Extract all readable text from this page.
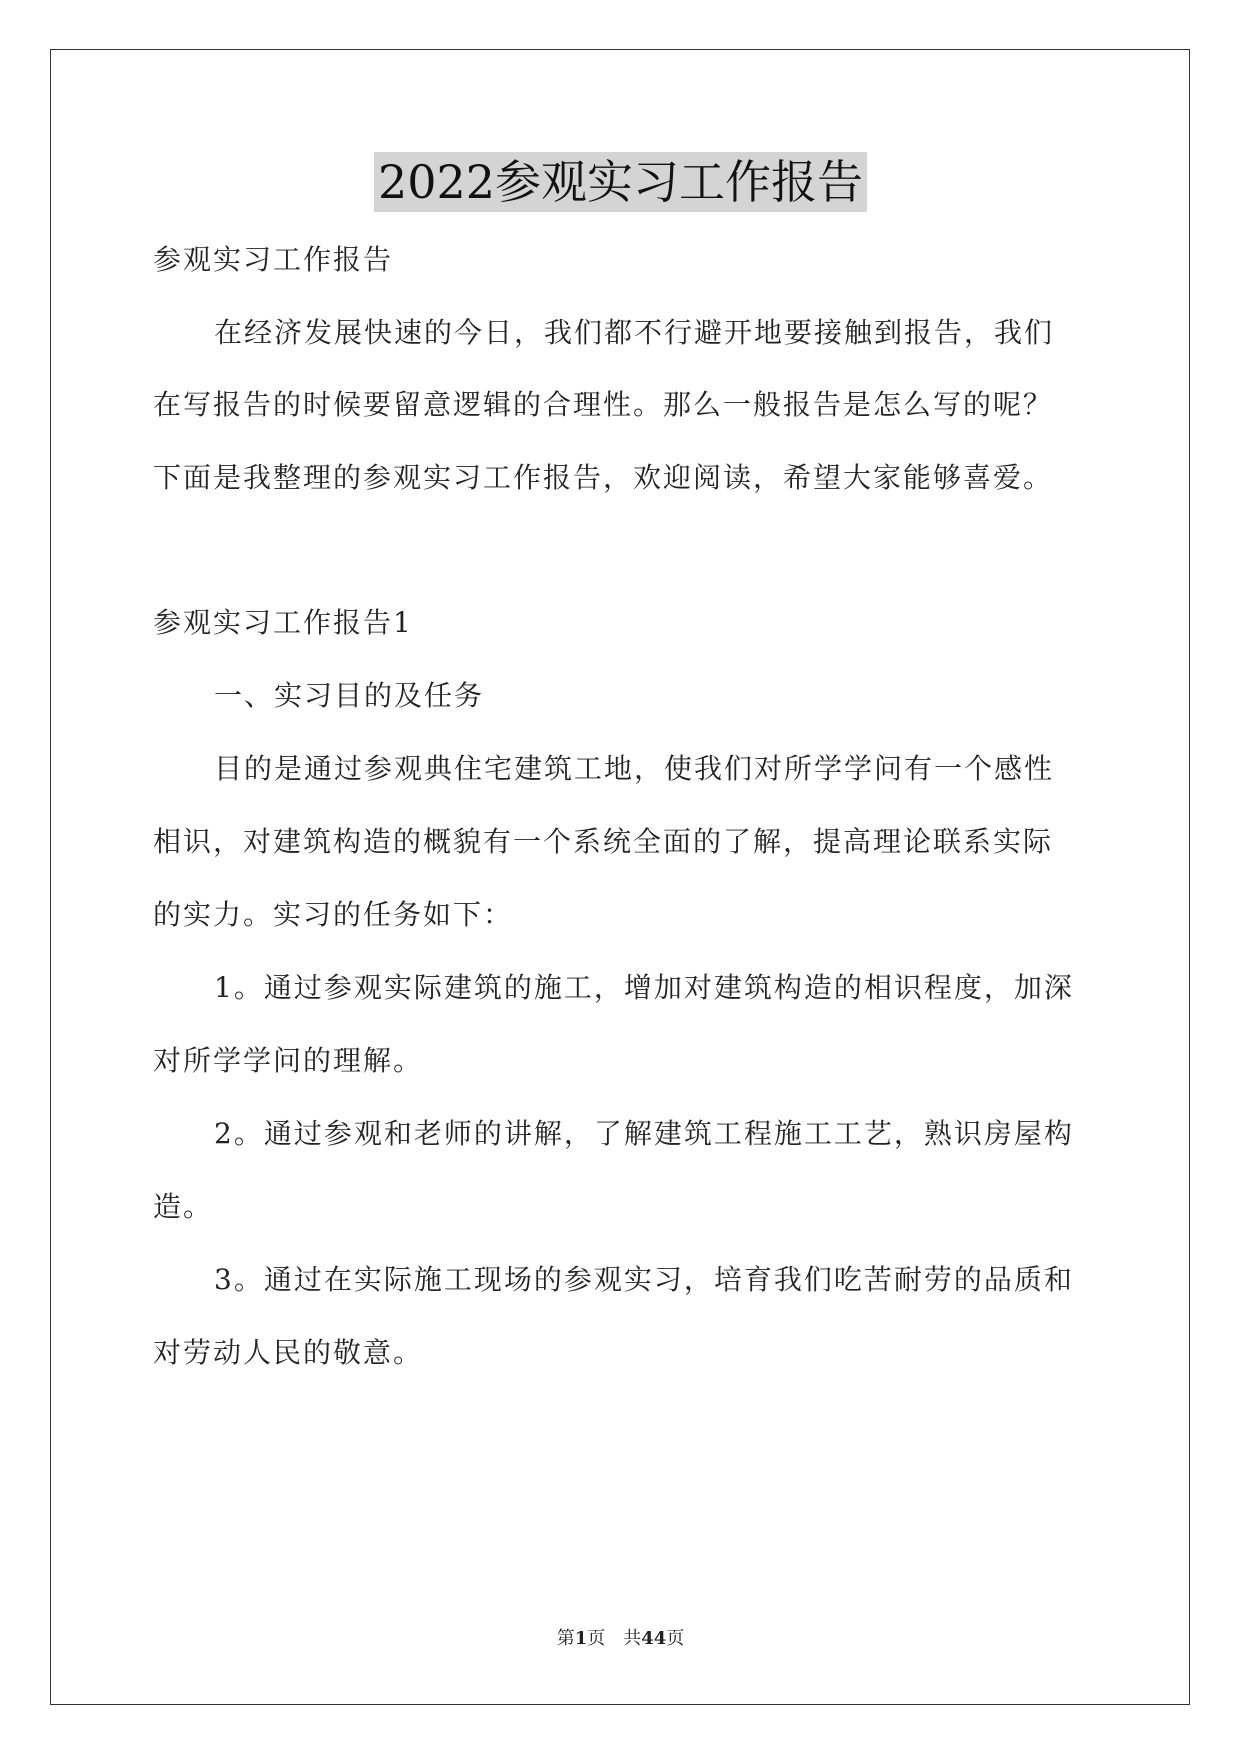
2022参观实习工作报告
参观实习工作报告
在经济发展快速的今日，我们都不行避开地要接触到报告，我们
在写报告的时候要留意逻辑的合理性。那么一般报告是怎么写的呢？
下面是我整理的参观实习工作报告，欢迎阅读，希望大家能够喜爱。
参观实习工作报告1
一、实习目的及任务
目的是通过参观典住宅建筑工地，使我们对所学学问有一个感性
相识，对建筑构造的概貌有一个系统全面的了解，提高理论联系实际
的实力。实习的任务如下：
1。通过参观实际建筑的施工，增加对建筑构造的相识程度，加深
对所学学问的理解。
2。通过参观和老师的讲解，了解建筑工程施工工艺，熟识房屋构
造。
3。通过在实际施工现场的参观实习，培育我们吃苦耐劳的品质和
对劳动人民的敬意。
第1页 共44页
